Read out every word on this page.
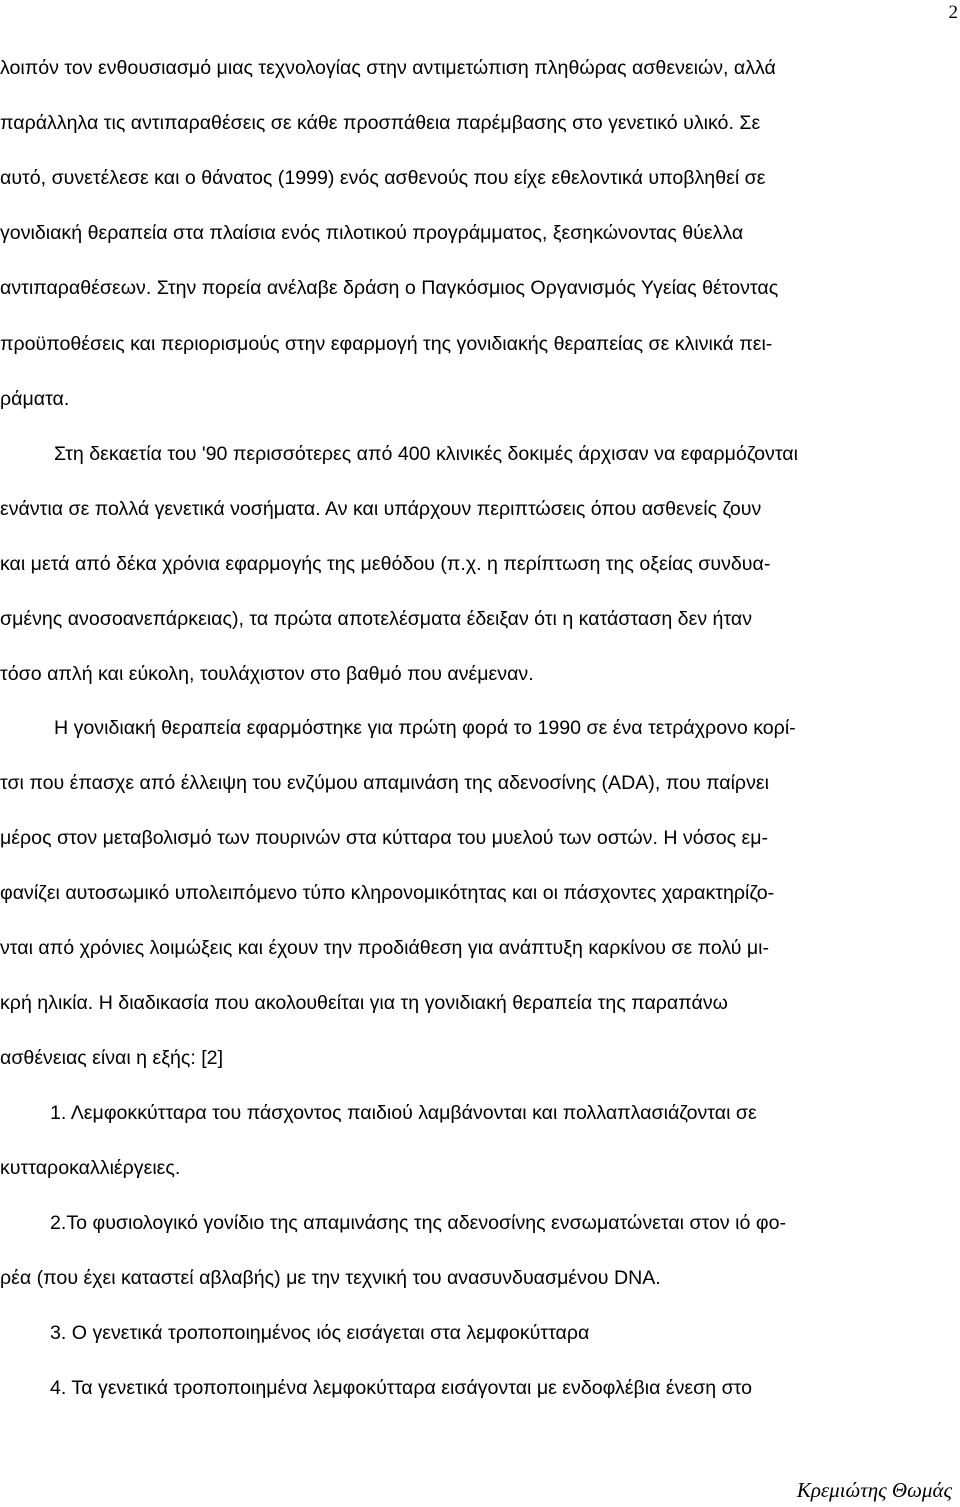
2
λοιπόν τον ενθουσιασμό μιας τεχνολογίας στην αντιμετώπιση πληθώρας ασθενειών, αλλά
παράλληλα τις αντιπαραθέσεις σε κάθε προσπάθεια παρέμβασης στο γενετικό υλικό. Σε
αυτό, συνετέλεσε και ο θάνατος (1999) ενός ασθενούς που είχε εθελοντικά υποβληθεί σε
γονιδιακή θεραπεία στα πλαίσια ενός πιλοτικού προγράμματος, ξεσηκώνοντας θύελλα
αντιπαραθέσεων. Στην πορεία ανέλαβε δράση ο Παγκόσμιος Οργανισμός Υγείας θέτοντας
προϋποθέσεις και περιορισμούς στην εφαρμογή της γονιδιακής θεραπείας σε κλινικά πει-
ράματα.
Στη δεκαετία του '90 περισσότερες από 400 κλινικές δοκιμές άρχισαν να εφαρμόζονται
ενάντια σε πολλά γενετικά νοσήματα. Αν και υπάρχουν περιπτώσεις όπου ασθενείς ζουν
και μετά από δέκα χρόνια εφαρμογής της μεθόδου (π.χ. η περίπτωση της οξείας συνδυα-
σμένης ανοσοανεπάρκειας), τα πρώτα αποτελέσματα έδειξαν ότι η κατάσταση δεν ήταν
τόσο απλή και εύκολη, τουλάχιστον στο βαθμό που ανέμεναν.
Η γονιδιακή θεραπεία εφαρμόστηκε για πρώτη φορά το 1990 σε ένα τετράχρονο κορί-
τσι που έπασχε από έλλειψη του ενζύμου απαμινάση της αδενοσίνης (ADA), που παίρνει
μέρος στον μεταβολισμό των πουρινών στα κύτταρα του μυελού των οστών. Η νόσος εμ-
φανίζει αυτοσωμικό υπολειπόμενο τύπο κληρονομικότητας και οι πάσχοντες χαρακτηρίζο-
νται από χρόνιες λοιμώξεις και έχουν την προδιάθεση για ανάπτυξη καρκίνου σε πολύ μι-
κρή ηλικία. Η διαδικασία που ακολουθείται για τη γονιδιακή θεραπεία της παραπάνω
ασθένειας είναι η εξής: [2]
1. Λεμφοκκύτταρα του πάσχοντος παιδιού λαμβάνονται και πολλαπλασιάζονται σε
κυτταροκαλλιέργειες.
2.Το φυσιολογικό γονίδιο της απαμινάσης της αδενοσίνης ενσωματώνεται στον ιό φο-
ρέα (που έχει καταστεί αβλαβής) με την τεχνική του ανασυνδυασμένου DNA.
3. Ο γενετικά τροποποιημένος ιός εισάγεται στα λεμφοκύτταρα
4. Τα γενετικά τροποποιημένα λεμφοκύτταρα εισάγονται με ενδοφλέβια ένεση στο
Κρεμιώτης Θωμάς
